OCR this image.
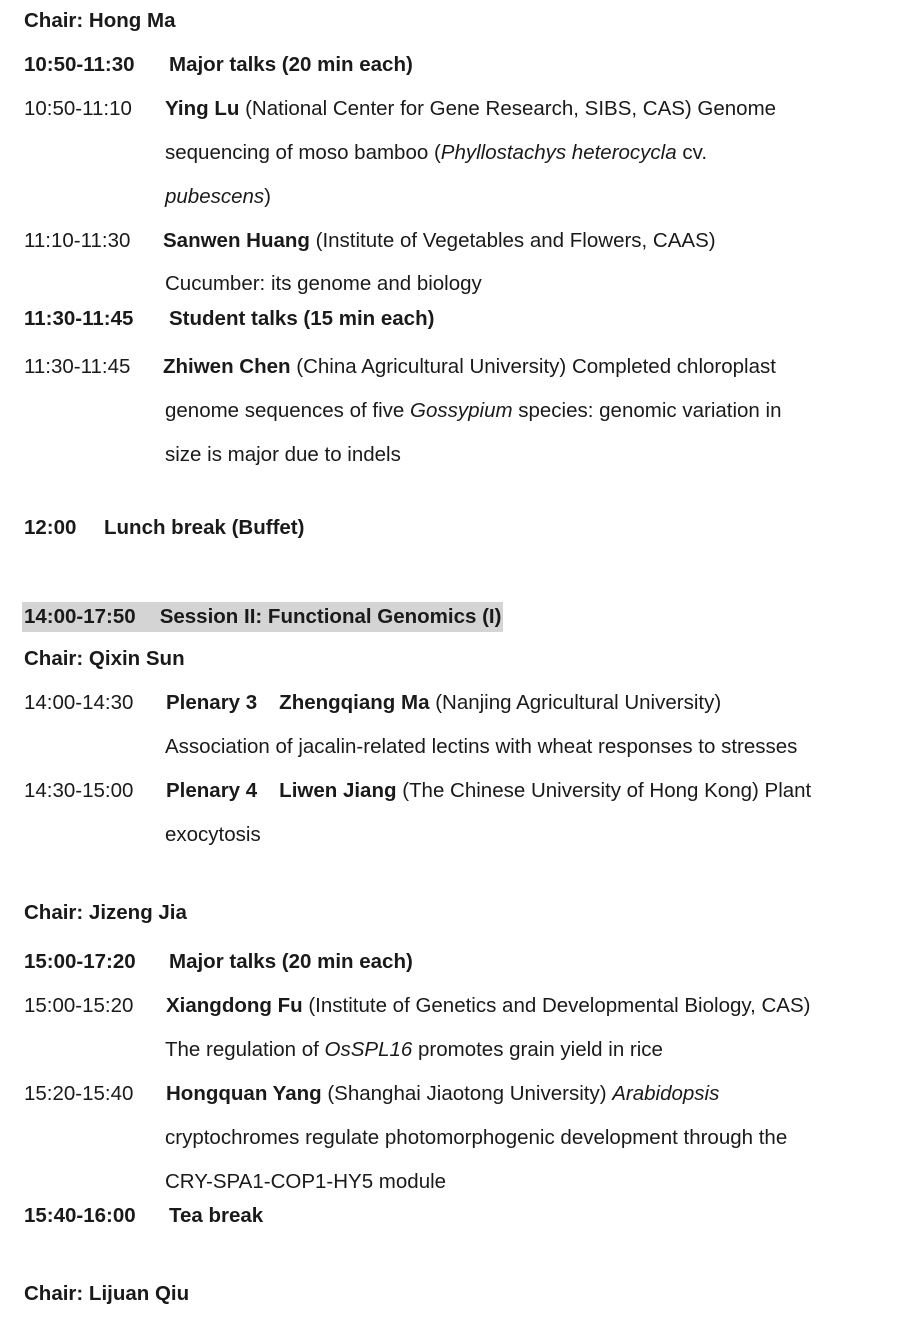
Chair: Hong Ma
10:50-11:30 Major talks (20 min each)
10:50-11:10 Ying Lu (National Center for Gene Research, SIBS, CAS) Genome
sequencing of moso bamboo (Phyllostachys heterocycla cv.
pubescens)
11:10-11:30 Sanwen Huang (Institute of Vegetables and Flowers, CAAS)
Cucumber: its genome and biology
11:30-11:45 Student talks (15 min each)
11:30-11:45 Zhiwen Chen (China Agricultural University) Completed chloroplast
genome sequences of five Gossypium species: genomic variation in
size is major due to indels
12:00 Lunch break (Buffet)
14:00-17:50 Session II: Functional Genomics (I)
Chair: Qixin Sun
14:00-14:30 Plenary 3 Zhengqiang Ma (Nanjing Agricultural University)
Association of jacalin-related lectins with wheat responses to stresses
14:30-15:00 Plenary 4 Liwen Jiang (The Chinese University of Hong Kong) Plant
exocytosis
Chair: Jizeng Jia
15:00-17:20 Major talks (20 min each)
15:00-15:20 Xiangdong Fu (Institute of Genetics and Developmental Biology, CAS)
The regulation of OsSPL16 promotes grain yield in rice
15:20-15:40 Hongquan Yang (Shanghai Jiaotong University) Arabidopsis
cryptochromes regulate photomorphogenic development through the
CRY-SPA1-COP1-HY5 module
15:40-16:00 Tea break
Chair: Lijuan Qiu
